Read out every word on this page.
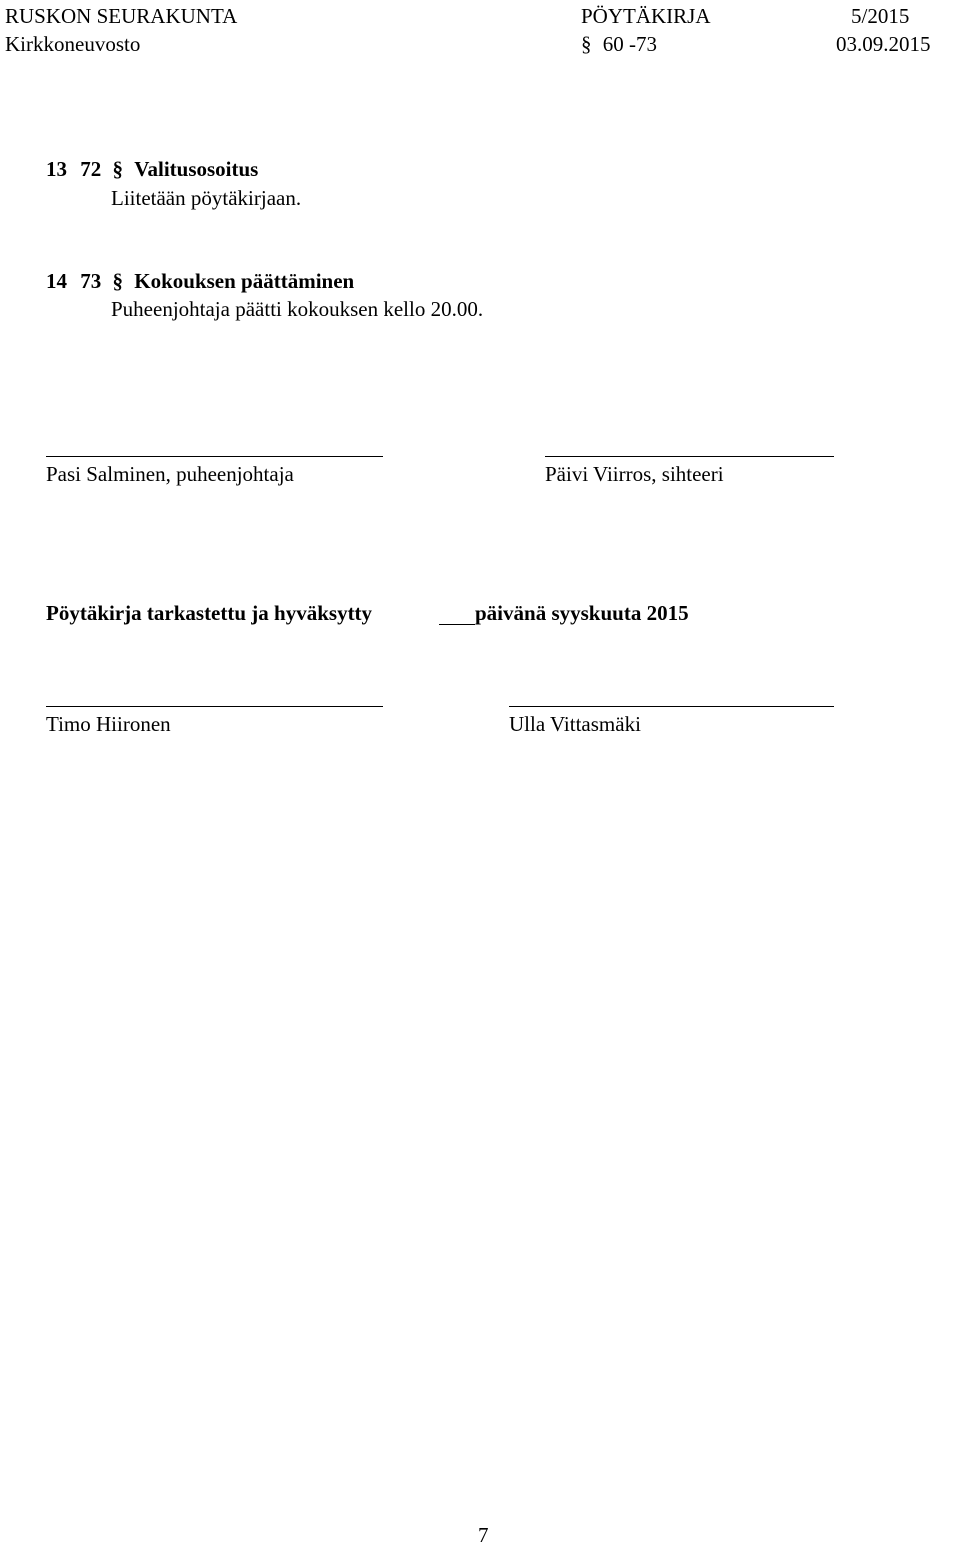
RUSKON SEURAKUNTA	PÖYTÄKIRJA	5/2015
Kirkkoneuvosto	§ 60 -73	03.09.2015
13 72 § Valitusosoitus
Liitetään pöytäkirjaan.
14 73 § Kokouksen päättäminen
Puheenjohtaja päätti kokouksen kello 20.00.
Pasi Salminen, puheenjohtaja	Päivi Viirros, sihteeri
Pöytäkirja tarkastettu ja hyväksytty	päivänä syyskuuta 2015
Timo Hiironen	Ulla Vittasmäki
7
